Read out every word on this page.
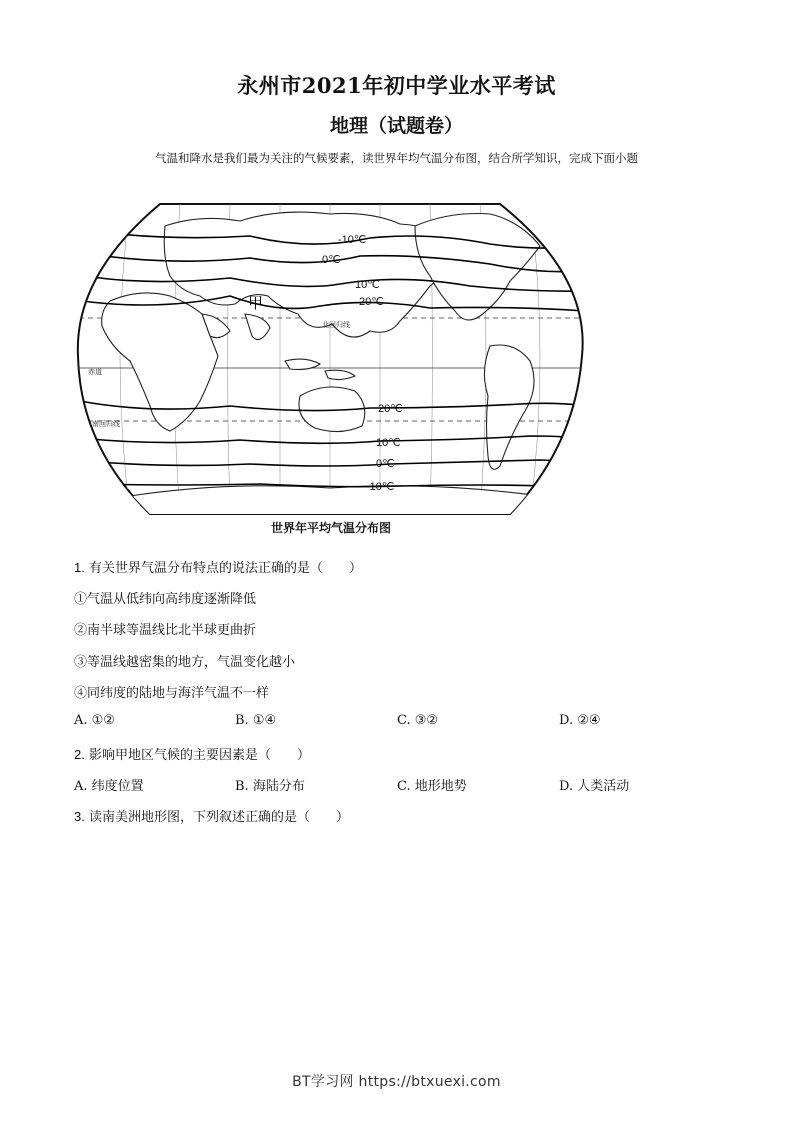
永州市2021年初中学业水平考试
地理（试题卷）
气温和降水是我们最为关注的气候要素，读世界年均气温分布图，结合所学知识，完成下面小题
-10℃
0℃
10℃
20℃
20℃
10℃
0℃
-10℃
甲
北回归线
赤道
南回归线
世界年平均气温分布图
1. 有关世界气温分布特点的说法正确的是（　　）
①气温从低纬向高纬度逐渐降低
②南半球等温线比北半球更曲折
③等温线越密集的地方，气温变化越小
④同纬度的陆地与海洋气温不一样
A. ①②	B. ①④	C. ③②	D. ②④
2. 影响甲地区气候的主要因素是（　　）
A. 纬度位置	B. 海陆分布	C. 地形地势	D. 人类活动
3. 读南美洲地形图，下列叙述正确的是（　　）
BT学习网 https://btxuexi.com
